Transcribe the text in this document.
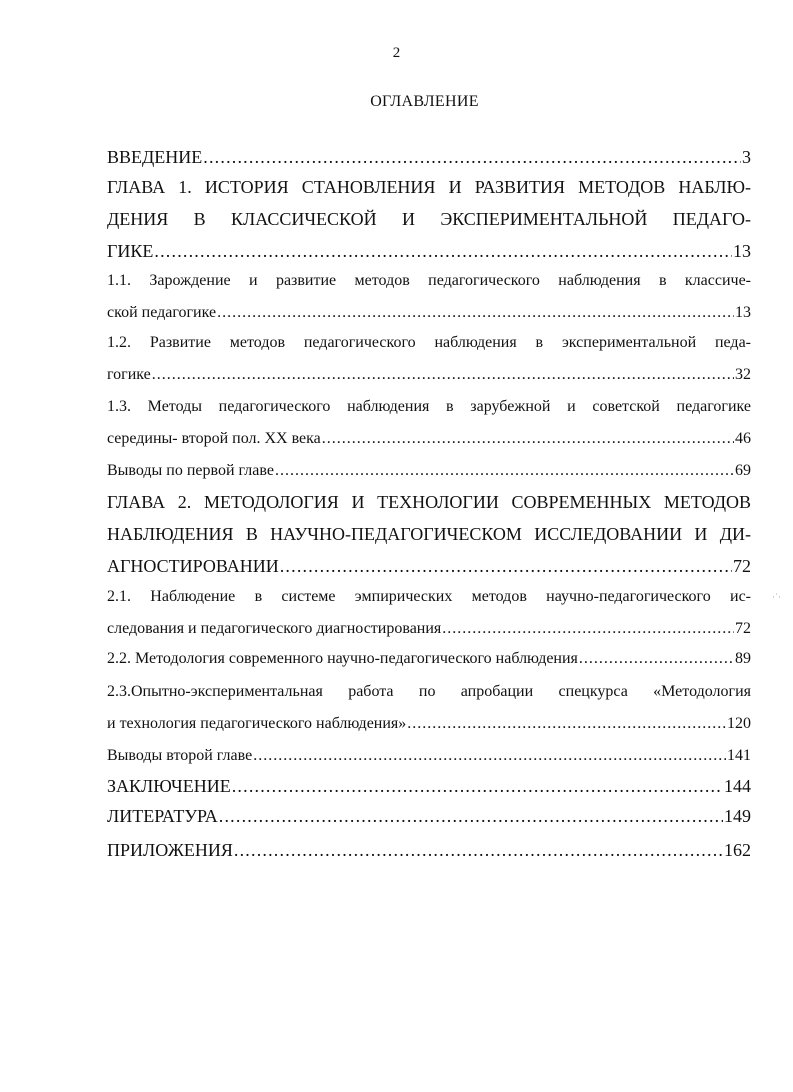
2
ОГЛАВЛЕНИЕ
ВВЕДЕНИЕ .....	3
ГЛАВА 1. ИСТОРИЯ СТАНОВЛЕНИЯ И РАЗВИТИЯ МЕТОДОВ НАБЛЮ-
ДЕНИЯ В КЛАССИЧЕСКОЙ И ЭКСПЕРИМЕНТАЛЬНОЙ ПЕДАГО-
ГИКЕ .....	13
1.1. Зарождение и развитие методов педагогического наблюдения в классиче-
ской педагогике .....	13
1.2. Развитие методов педагогического наблюдения в экспериментальной педа-
гогике .....	32
1.3. Методы педагогического наблюдения в зарубежной и советской педагогике
середины- второй пол. XX века .....	46
Выводы по первой главе .....	69
ГЛАВА 2. МЕТОДОЛОГИЯ И ТЕХНОЛОГИИ СОВРЕМЕННЫХ МЕТОДОВ
НАБЛЮДЕНИЯ В НАУЧНО-ПЕДАГОГИЧЕСКОМ ИССЛЕДОВАНИИ И ДИ-
АГНОСТИРОВАНИИ .....	72
2.1. Наблюдение в системе эмпирических методов научно-педагогического ис-
следования и педагогического диагностирования .....	72
2.2. Методология современного научно-педагогического наблюдения .....	89
2.3.Опытно-экспериментальная работа по апробации спецкурса «Методология
и технология педагогического наблюдения» .....	120
Выводы второй главе .....	141
ЗАКЛЮЧЕНИЕ .....	144
ЛИТЕРАТУРА .....	149
ПРИЛОЖЕНИЯ .....	162
·˙·
